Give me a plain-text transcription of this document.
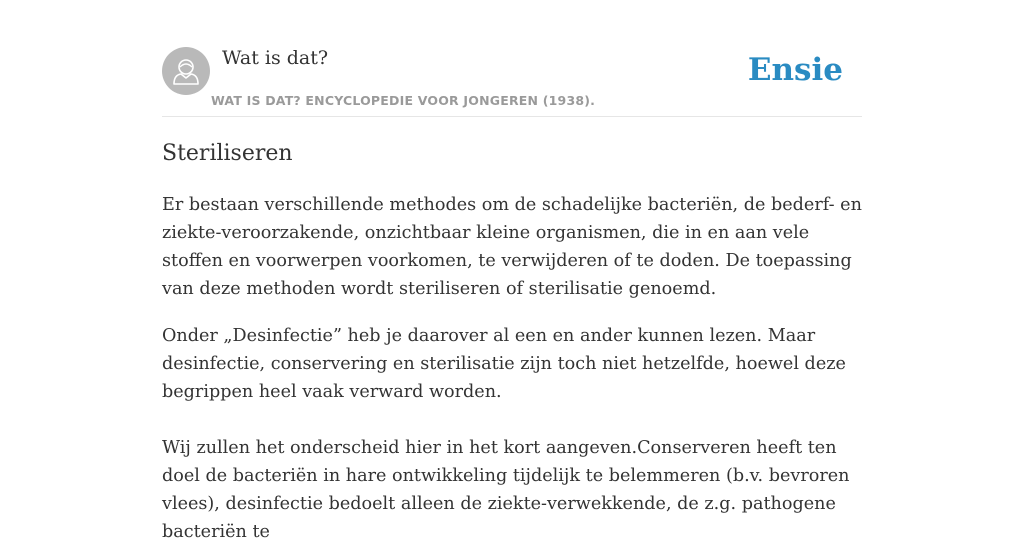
Wat is dat?
WAT IS DAT? ENCYCLOPEDIE VOOR JONGEREN (1938).
Ensie
Steriliseren

Er bestaan verschillende methodes om de schadelijke bacteriën, de bederf- en ziekte-veroorzakende, onzichtbaar kleine organismen, die in en aan vele stoffen en voorwerpen voorkomen, te verwijderen of te doden. De toepassing van deze methoden wordt steriliseren of sterilisatie genoemd.

Onder „Desinfectie” heb je daarover al een en ander kunnen lezen. Maar desinfectie, conservering en sterilisatie zijn toch niet hetzelfde, hoewel deze begrippen heel vaak verward worden.

Wij zullen het onderscheid hier in het kort aangeven.Conserveren heeft ten doel de bacteriën in hare ontwikkeling tijdelijk te belemmeren (b.v. bevroren vlees), desinfectie bedoelt alleen de ziekte-verwekkende, de z.g. pathogene bacteriën te
